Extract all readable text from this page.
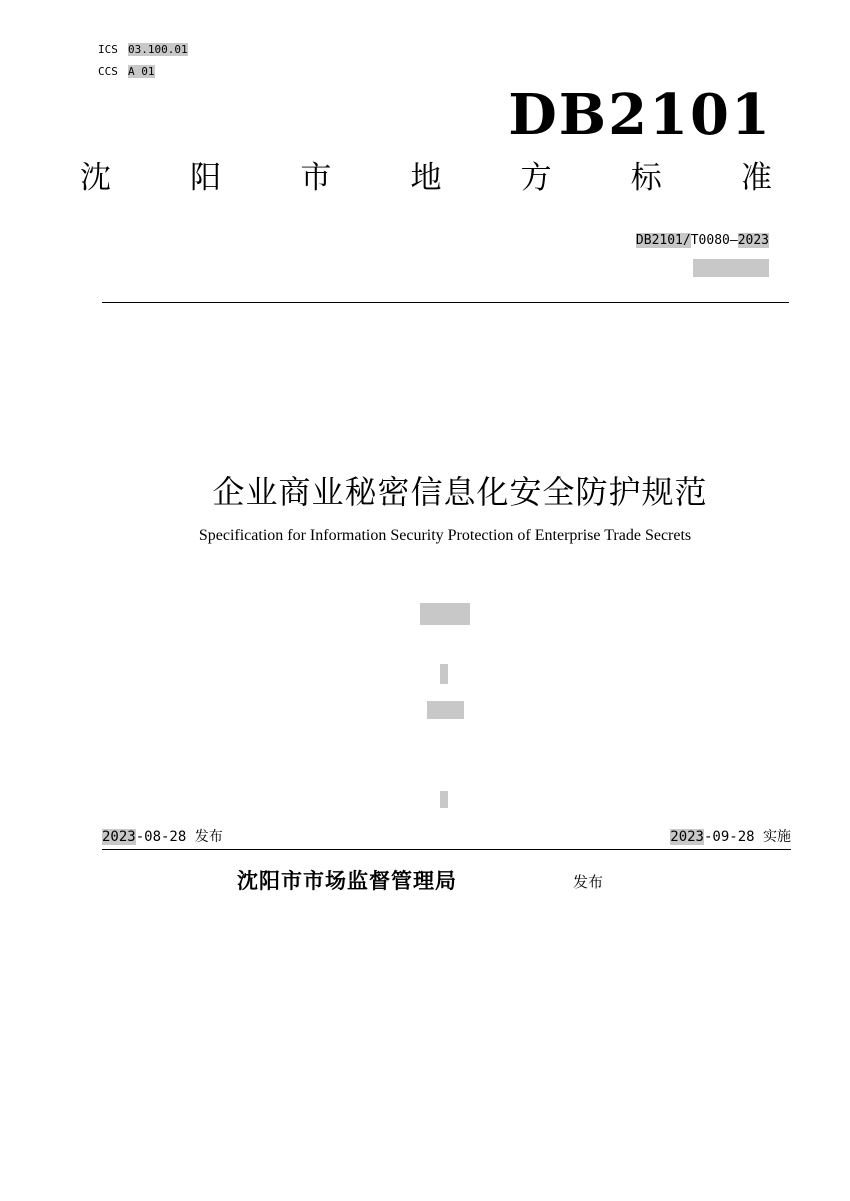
ICS 03.100.01
CCS A 01
DB2101
沈	阳	市	地	方	标	准
DB2101/T0080—2023
企业商业秘密信息化安全防护规范
Specification for Information Security Protection of Enterprise Trade Secrets
2023-08-28 发布	2023-09-28 实施
沈阳市市场监督管理局	发布
